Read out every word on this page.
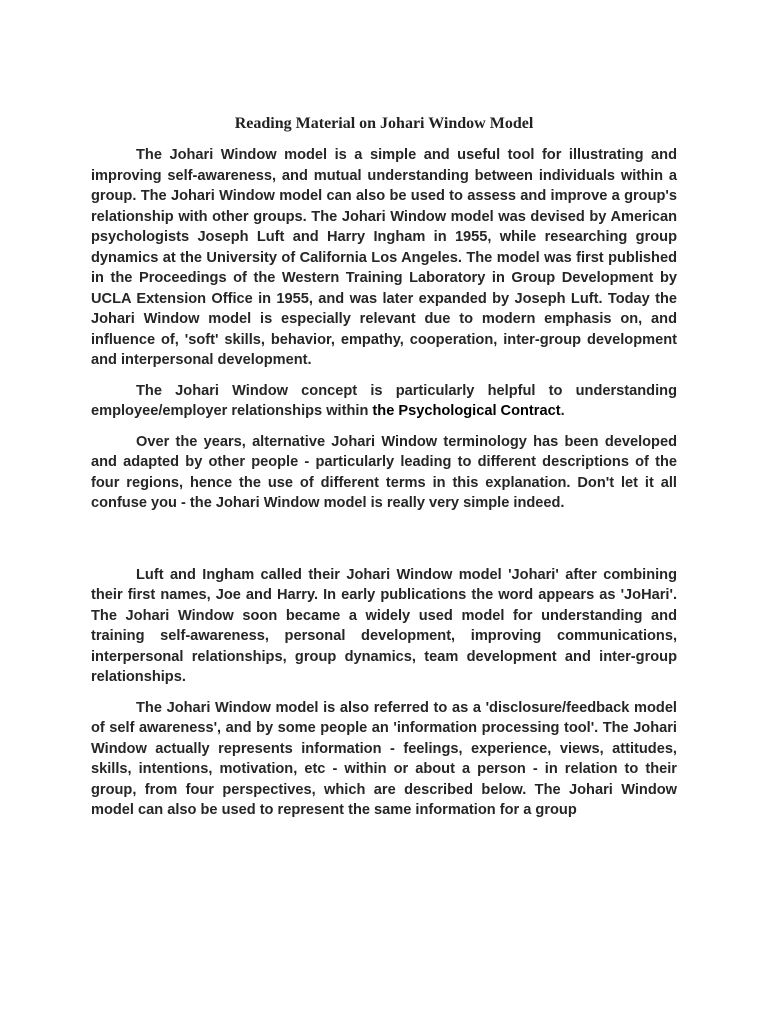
Reading Material on Johari Window Model

The Johari Window model is a simple and useful tool for illustrating and improving self-awareness, and mutual understanding between individuals within a group. The Johari Window model can also be used to assess and improve a group's relationship with other groups. The Johari Window model was devised by American psychologists Joseph Luft and Harry Ingham in 1955, while researching group dynamics at the University of California Los Angeles. The model was first published in the Proceedings of the Western Training Laboratory in Group Development by UCLA Extension Office in 1955, and was later expanded by Joseph Luft. Today the Johari Window model is especially relevant due to modern emphasis on, and influence of, 'soft' skills, behavior, empathy, cooperation, inter-group development and interpersonal development.

The Johari Window concept is particularly helpful to understanding employee/employer relationships within the Psychological Contract.

Over the years, alternative Johari Window terminology has been developed and adapted by other people - particularly leading to different descriptions of the four regions, hence the use of different terms in this explanation. Don't let it all confuse you - the Johari Window model is really very simple indeed.

Luft and Ingham called their Johari Window model 'Johari' after combining their first names, Joe and Harry. In early publications the word appears as 'JoHari'. The Johari Window soon became a widely used model for understanding and training self-awareness, personal development, improving communications, interpersonal relationships, group dynamics, team development and inter-group relationships.

The Johari Window model is also referred to as a 'disclosure/feedback model of self awareness', and by some people an 'information processing tool'. The Johari Window actually represents information - feelings, experience, views, attitudes, skills, intentions, motivation, etc - within or about a person - in relation to their group, from four perspectives, which are described below. The Johari Window model can also be used to represent the same information for a group
